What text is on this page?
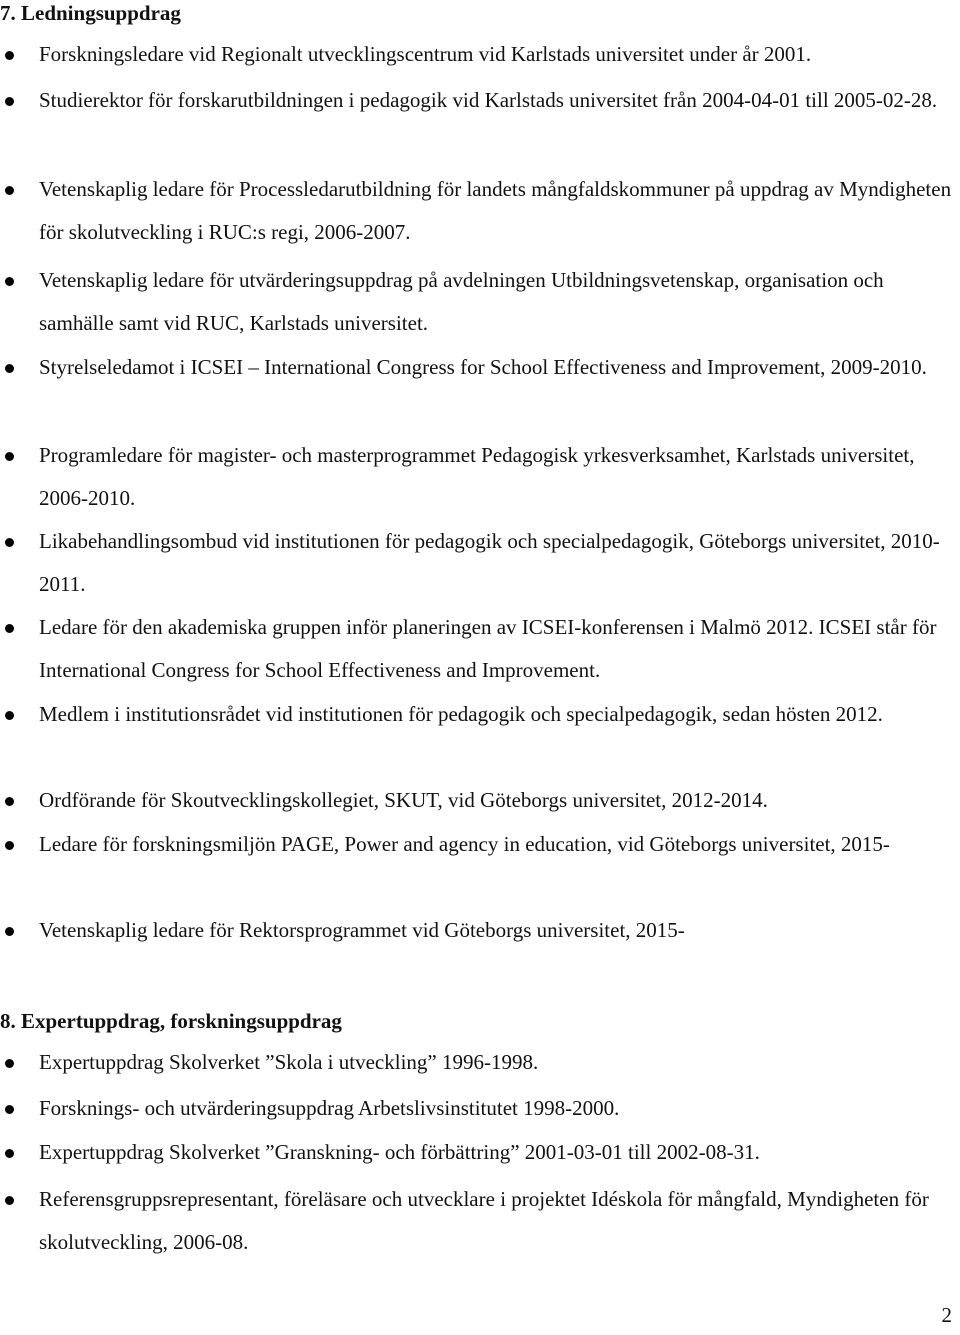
7. Ledningsuppdrag
Forskningsledare vid Regionalt utvecklingscentrum vid Karlstads universitet under år 2001.
Studierektor för forskarutbildningen i pedagogik vid Karlstads universitet från 2004-04-01 till 2005-02-28.
Vetenskaplig ledare för Processledarutbildning för landets mångfaldskommuner på uppdrag av Myndigheten för skolutveckling i RUC:s regi, 2006-2007.
Vetenskaplig ledare för utvärderingsuppdrag på avdelningen Utbildningsvetenskap, organisation och samhälle samt vid RUC, Karlstads universitet.
Styrelseledamot i ICSEI – International Congress for School Effectiveness and Improvement, 2009-2010.
Programledare för magister- och masterprogrammet Pedagogisk yrkesverksamhet, Karlstads universitet, 2006-2010.
Likabehandlingsombud vid institutionen för pedagogik och specialpedagogik, Göteborgs universitet, 2010-2011.
Ledare för den akademiska gruppen inför planeringen av ICSEI-konferensen i Malmö 2012. ICSEI står för International Congress for School Effectiveness and Improvement.
Medlem i institutionsrådet vid institutionen för pedagogik och specialpedagogik, sedan hösten 2012.
Ordförande för Skoutvecklingskollegiet, SKUT, vid Göteborgs universitet, 2012-2014.
Ledare för forskningsmiljön PAGE, Power and agency in education, vid Göteborgs universitet, 2015-
Vetenskaplig ledare för Rektorsprogrammet vid Göteborgs universitet, 2015-
8. Expertuppdrag, forskningsuppdrag
Expertuppdrag Skolverket ”Skola i utveckling” 1996-1998.
Forsknings- och utvärderingsuppdrag Arbetslivsinstitutet 1998-2000.
Expertuppdrag Skolverket ”Granskning- och förbättring” 2001-03-01 till 2002-08-31.
Referensgruppsrepresentant, föreläsare och utvecklare i projektet Idéskola för mångfald, Myndigheten för skolutveckling, 2006-08.
2
